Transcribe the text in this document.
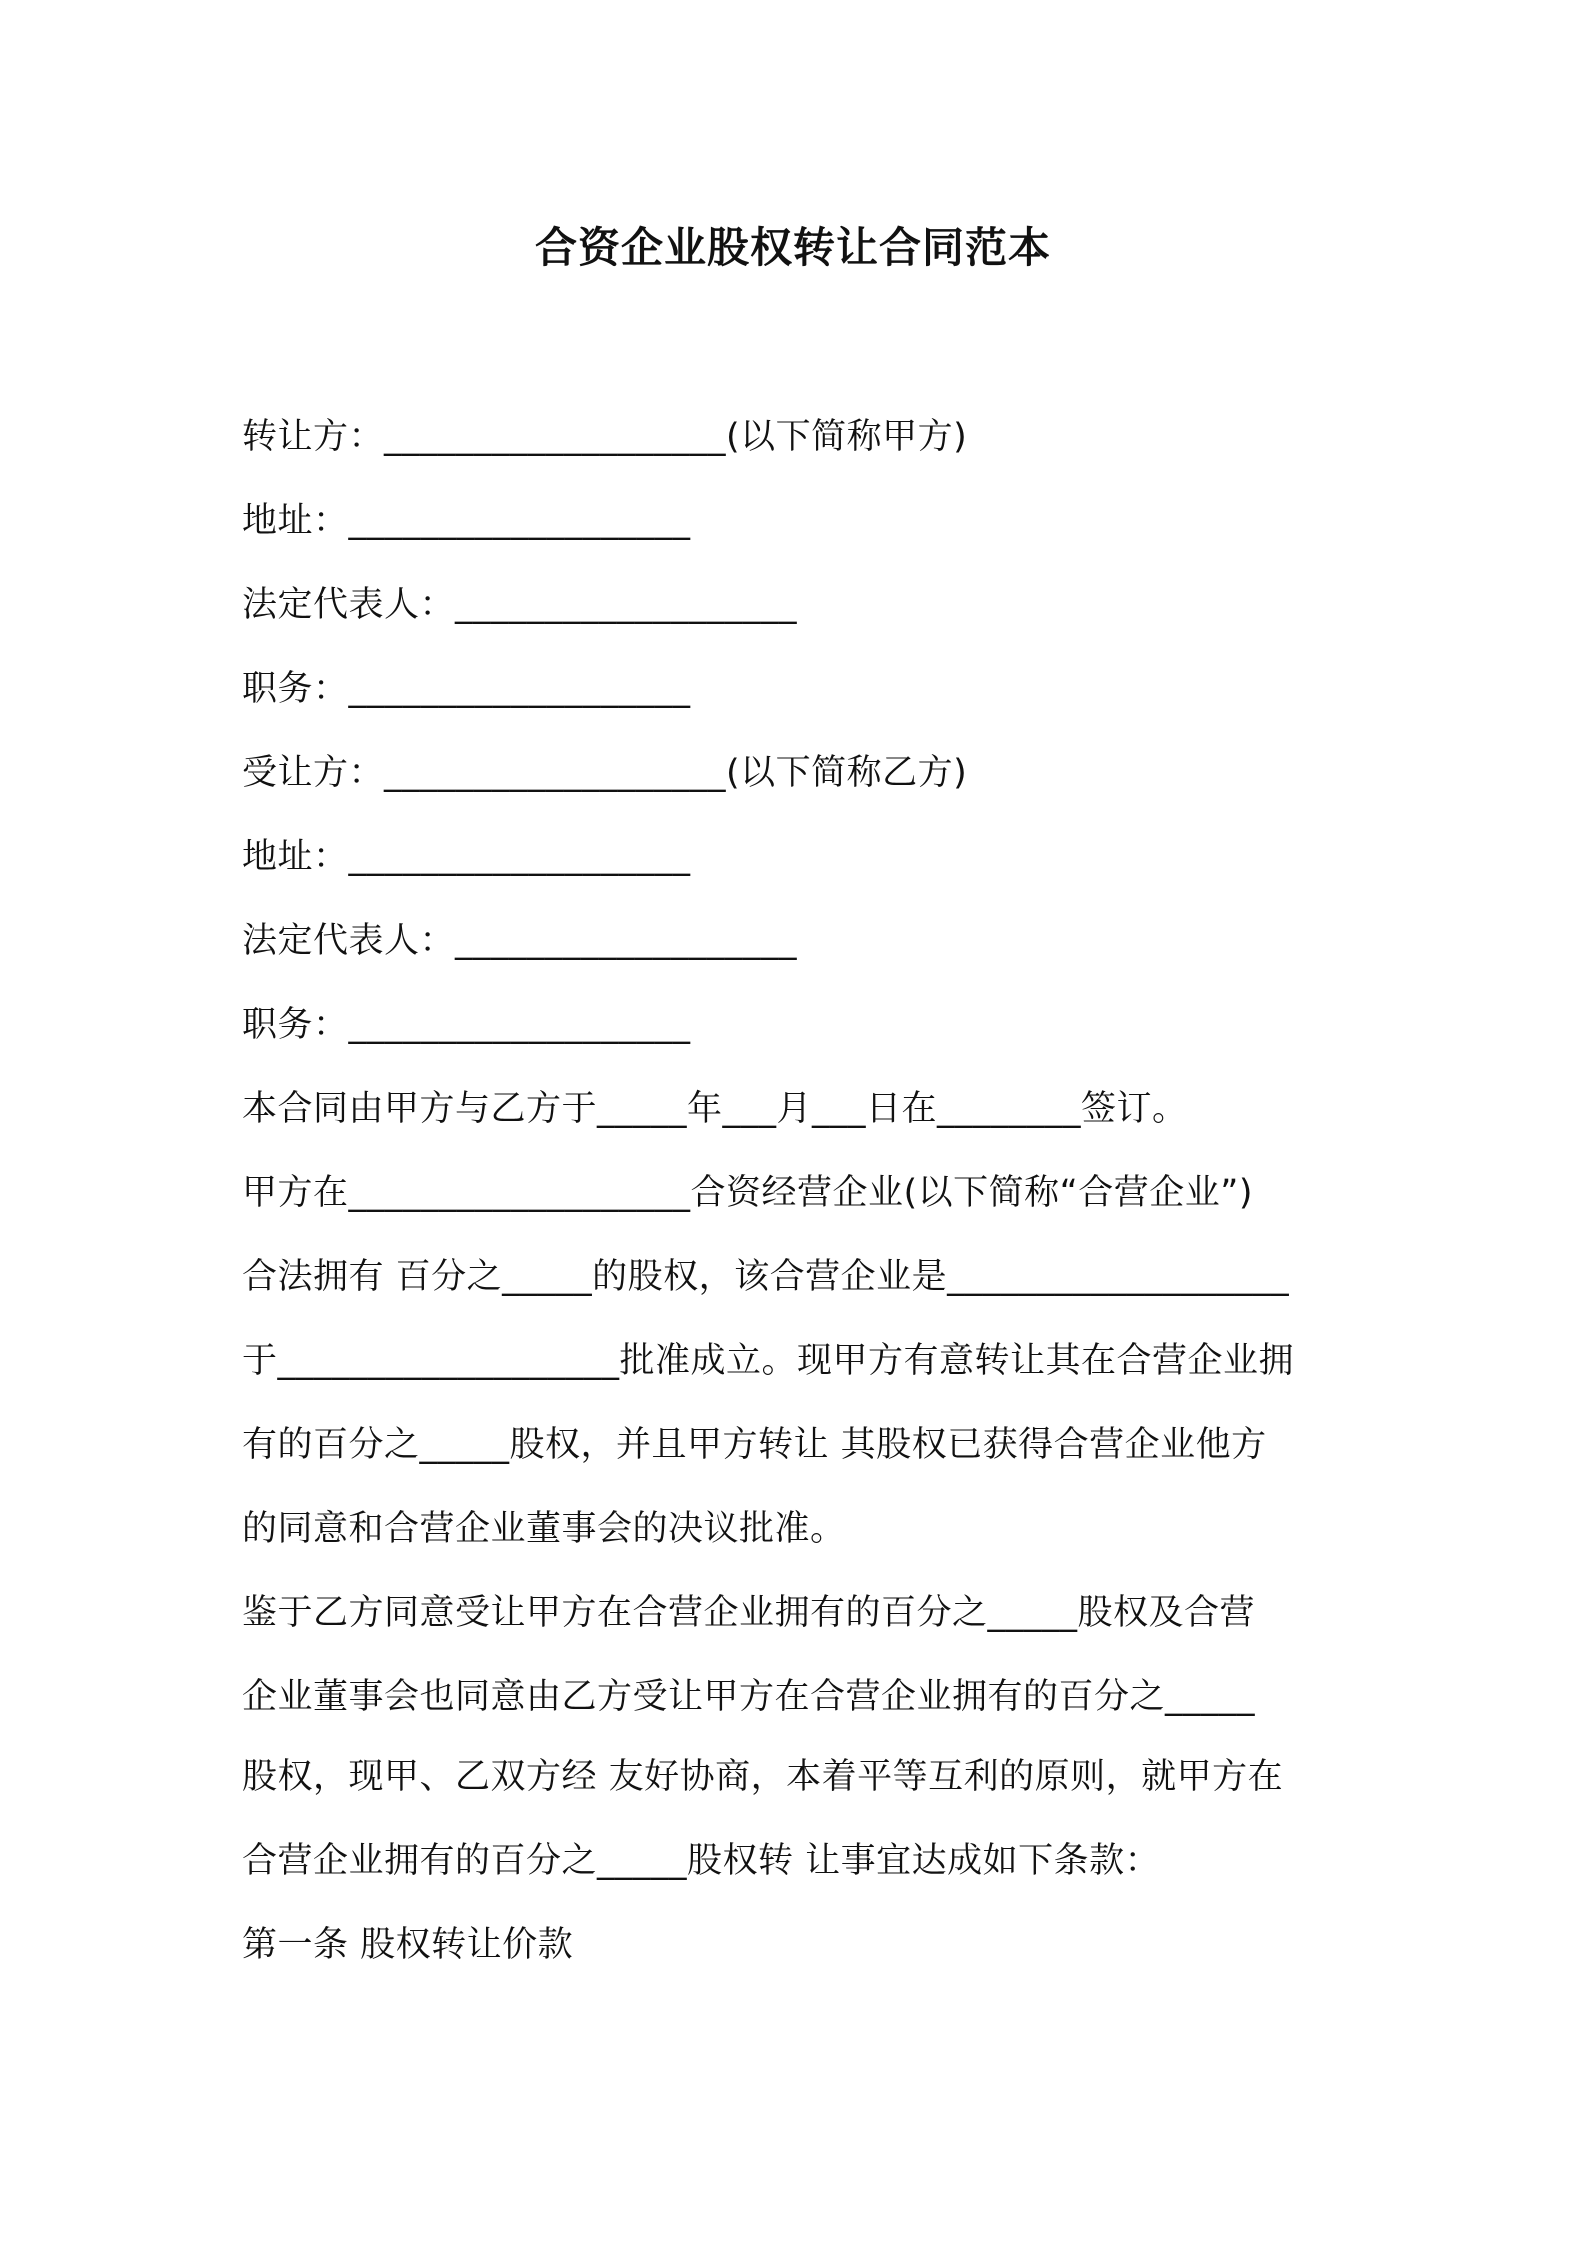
合资企业股权转让合同范本
转让方：___________________(以下简称甲方)
地址：___________________
法定代表人：___________________
职务：___________________
受让方：___________________(以下简称乙方)
地址：___________________
法定代表人：___________________
职务：___________________
本合同由甲方与乙方于_____年___月___日在________签订。
甲方在___________________合资经营企业(以下简称“合营企业”)
合法拥有 百分之_____的股权，该合营企业是___________________
于___________________批准成立。现甲方有意转让其在合营企业拥
有的百分之_____股权，并且甲方转让 其股权已获得合营企业他方
的同意和合营企业董事会的决议批准。
鉴于乙方同意受让甲方在合营企业拥有的百分之_____股权及合营
企业董事会也同意由乙方受让甲方在合营企业拥有的百分之_____
股权，现甲、乙双方经 友好协商，本着平等互利的原则，就甲方在
合营企业拥有的百分之_____股权转 让事宜达成如下条款：
第一条 股权转让价款
